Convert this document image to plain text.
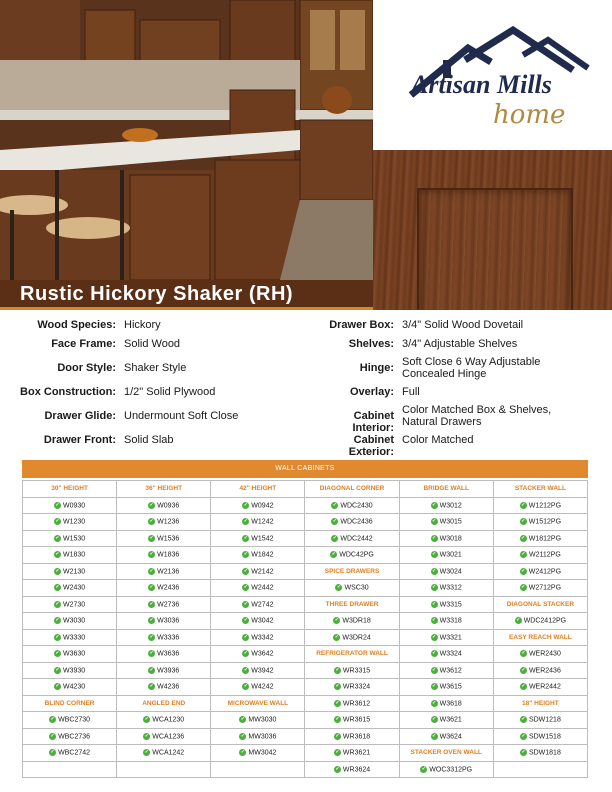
Artisan Mills
home
Rustic Hickory Shaker (RH)
Wood Species: Hickory
Face Frame: Solid Wood
Door Style: Shaker Style
Box Construction: 1/2" Solid Plywood
Drawer Glide: Undermount Soft Close
Drawer Front: Solid Slab
Drawer Box: 3/4" Solid Wood Dovetail
Shelves: 3/4" Adjustable Shelves
Hinge: Soft Close 6 Way Adjustable Concealed Hinge
Overlay: Full
Cabinet Interior:
Color Matched Box & Shelves, Natural Drawers
Cabinet Exterior:
Color Matched
WALL CABINETS
30" HEIGHT	36" HEIGHT	42" HEIGHT	DIAGONAL CORNER	BRIDGE WALL	STACKER WALL
✓ W0930	✓ W0936	✓ W0942	✓ WDC2430	✓ W3012	✓ W1212PG
✓ W1230	✓ W1236	✓ W1242	✓ WDC2436	✓ W3015	✓ W1512PG
✓ W1530	✓ W1536	✓ W1542	✓ WDC2442	✓ W3018	✓ W1812PG
✓ W1830	✓ W1836	✓ W1842	✓ WDC42PG	✓ W3021	✓ W2112PG
✓ W2130	✓ W2136	✓ W2142	SPICE DRAWERS	✓ W3024	✓ W2412PG
✓ W2430	✓ W2436	✓ W2442	✓ WSC30	✓ W3312	✓ W2712PG
✓ W2730	✓ W2736	✓ W2742	THREE DRAWER	✓ W3315	DIAGONAL STACKER
✓ W3030	✓ W3036	✓ W3042	✓ W3DR18	✓ W3318	✓ WDC2412PG
✓ W3330	✓ W3336	✓ W3342	✓ W3DR24	✓ W3321	EASY REACH WALL
✓ W3630	✓ W3636	✓ W3642	REFRIGERATOR WALL	✓ W3324	✓ WER2430
✓ W3930	✓ W3936	✓ W3942	✓ WR3315	✓ W3612	✓ WER2436
✓ W4230	✓ W4236	✓ W4242	✓ WR3324	✓ W3615	✓ WER2442
BLIND CORNER	ANGLED END	MICROWAVE WALL	✓ WR3612	✓ W3618	18" HEIGHT
✓ WBC2730	✓ WCA1230	✓ MW3030	✓ WR3615	✓ W3621	✓ SDW1218
✓ WBC2736	✓ WCA1236	✓ MW3036	✓ WR3618	✓ W3624	✓ SDW1518
✓ WBC2742	✓ WCA1242	✓ MW3042	✓ WR3621	STACKER OVEN WALL	✓ SDW1818
			✓ WR3624	✓ WOC3312PG	
